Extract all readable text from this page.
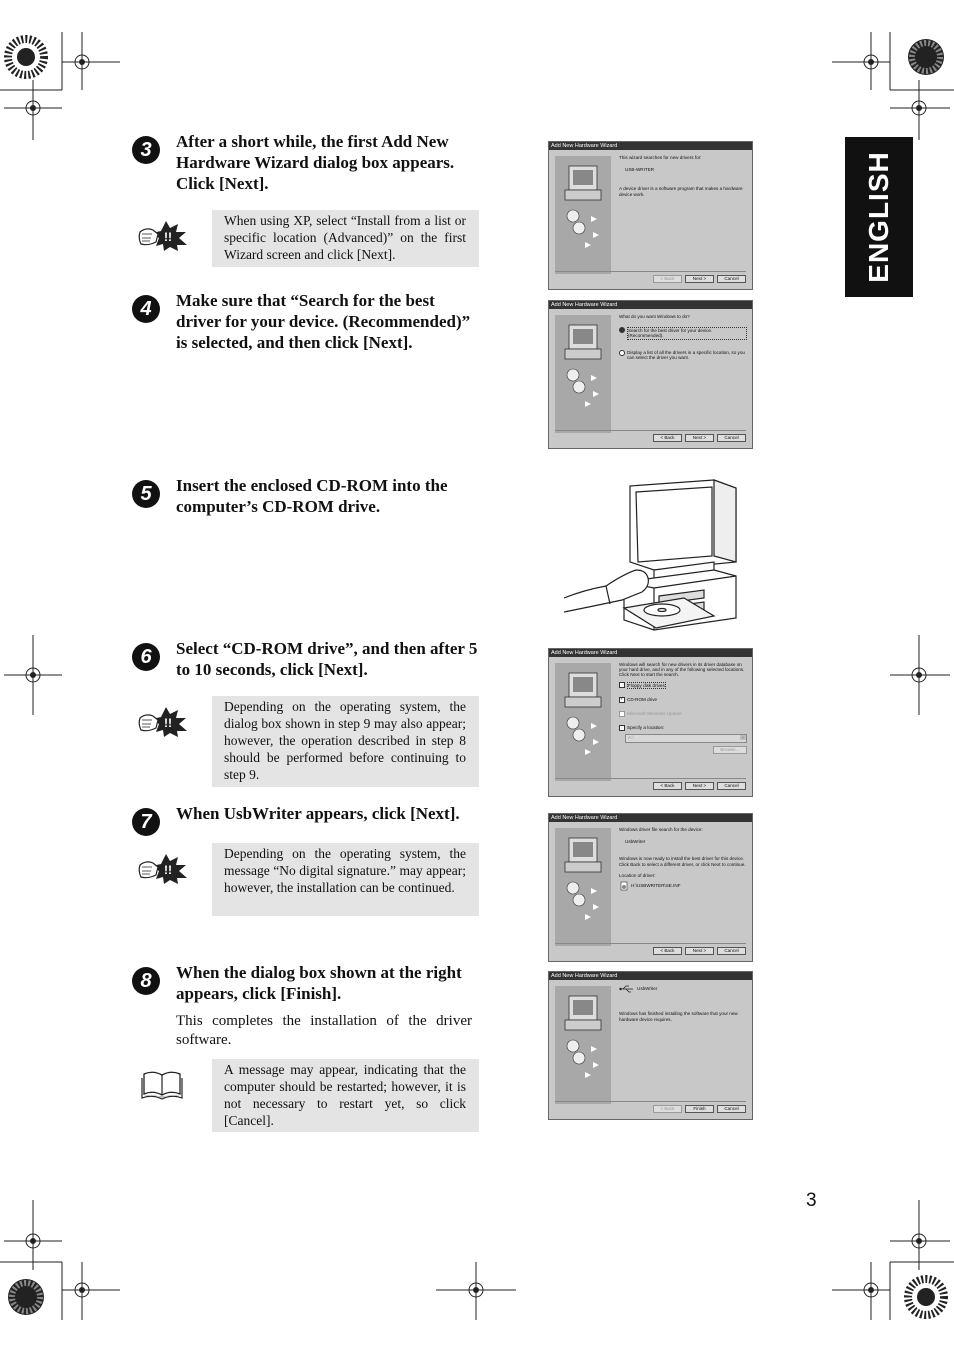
ENGLISH
3	After a short while, the first Add New Hardware Wizard dialog box appears. Click [Next].
!!
When using XP, select “Install from a list or specific location (Advanced)” on the first Wizard screen and click [Next].
4	Make sure that “Search for the best driver for your device. (Recommended)” is selected, and then click [Next].
5	Insert the enclosed CD-ROM into the computer’s CD-ROM drive.
6	Select “CD-ROM drive”, and then after 5 to 10 seconds, click [Next].
!!
Depending on the operating system, the dialog box shown in step 9 may also appear; however, the operation described in step 8 should be performed before continuing to step 9.
7	When UsbWriter appears, click [Next].
!!
Depending on the operating system, the message “No digital signature.” may appear; however, the installation can be continued.
8	When the dialog box shown at the right appears, click [Finish].
This completes the installation of the driver software.
A message may appear, indicating that the computer should be restarted; however, it is not necessary to restart yet, so click [Cancel].
3
Add New Hardware Wizard
This wizard searches for new drivers for:
USB-WRITER
A device driver is a software program that makes a hardware device work.
< Back	Next >	Cancel
Add New Hardware Wizard
What do you want Windows to do?
Search for the best driver for your device. (Recommended).
Display a list of all the drivers in a specific location, so you can select the driver you want.
< Back	Next >	Cancel
Add New Hardware Wizard
Windows will search for new drivers in its driver database on your hard drive, and in any of the following selected locations. Click Next to start the search.
Floppy disk drives
✓ CD-ROM drive
Microsoft Windows Update
Specify a location:
A:\	▼
Browse...
< Back	Next >	Cancel
Add New Hardware Wizard
Windows driver file search for the device:
UsbWriter
Windows is now ready to install the best driver for this device. Click Back to select a different driver, or click Next to continue.
Location of driver:
H:\USBWRITER\SE.INF
< Back	Next >	Cancel
Add New Hardware Wizard
UsbWriter
Windows has finished installing the software that your new hardware device requires.
< Back	Finish	Cancel
